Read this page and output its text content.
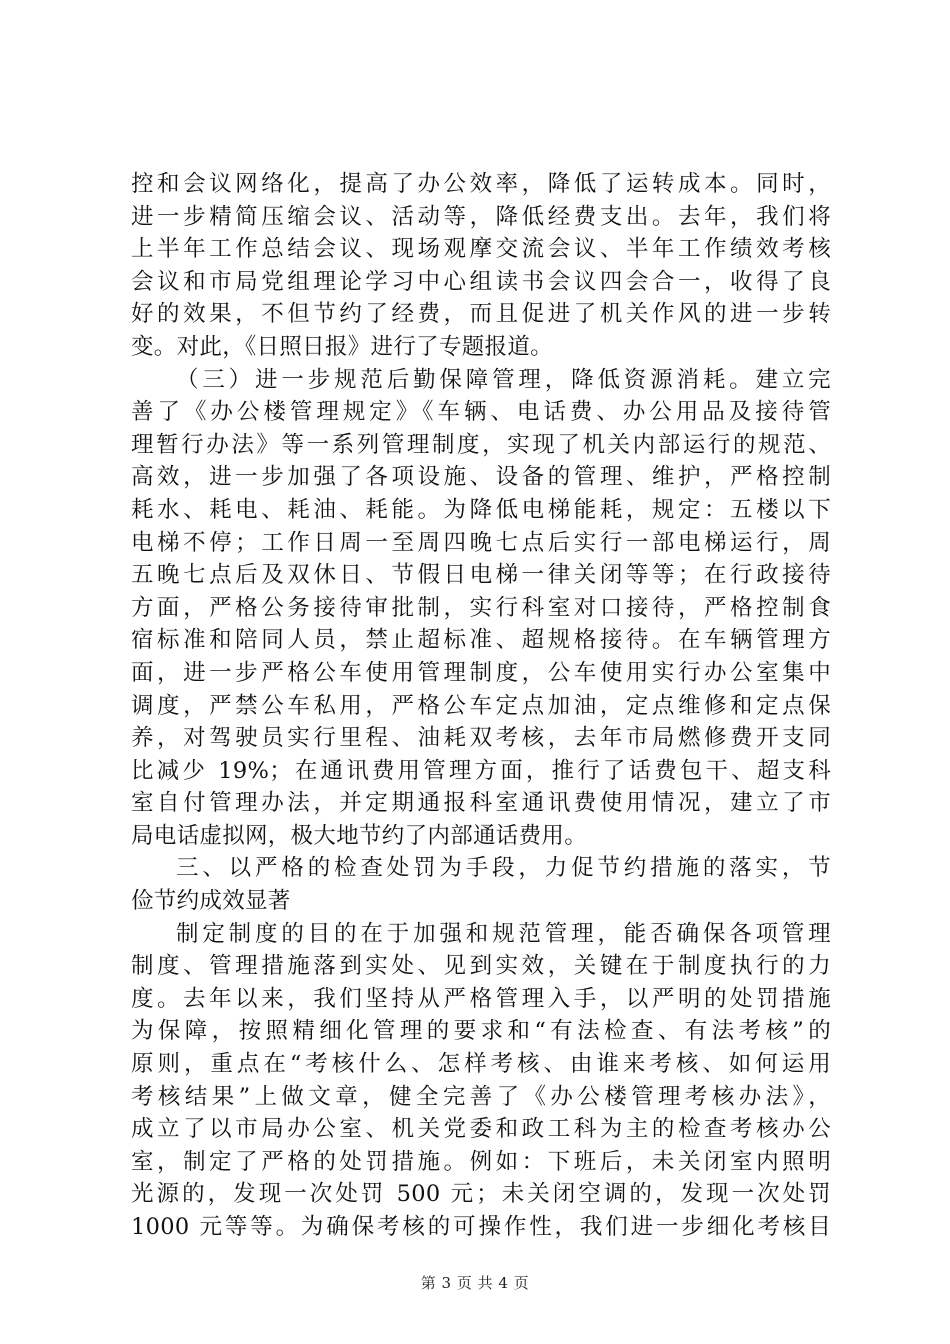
控和会议网络化，提高了办公效率，降低了运转成本。同时，
进一步精简压缩会议、活动等，降低经费支出。去年，我们将
上半年工作总结会议、现场观摩交流会议、半年工作绩效考核
会议和市局党组理论学习中心组读书会议四会合一，收得了良
好的效果，不但节约了经费，而且促进了机关作风的进一步转
变。对此，《日照日报》进行了专题报道。
（三）进一步规范后勤保障管理，降低资源消耗。建立完
善了《办公楼管理规定》《车辆、电话费、办公用品及接待管
理暂行办法》等一系列管理制度，实现了机关内部运行的规范、
高效，进一步加强了各项设施、设备的管理、维护，严格控制
耗水、耗电、耗油、耗能。为降低电梯能耗，规定：五楼以下
电梯不停；工作日周一至周四晚七点后实行一部电梯运行，周
五晚七点后及双休日、节假日电梯一律关闭等等；在行政接待
方面，严格公务接待审批制，实行科室对口接待，严格控制食
宿标准和陪同人员，禁止超标准、超规格接待。在车辆管理方
面，进一步严格公车使用管理制度，公车使用实行办公室集中
调度，严禁公车私用，严格公车定点加油，定点维修和定点保
养，对驾驶员实行里程、油耗双考核，去年市局燃修费开支同
比减少 19%；在通讯费用管理方面，推行了话费包干、超支科
室自付管理办法，并定期通报科室通讯费使用情况，建立了市
局电话虚拟网，极大地节约了内部通话费用。
三、以严格的检查处罚为手段，力促节约措施的落实，节
俭节约成效显著
制定制度的目的在于加强和规范管理，能否确保各项管理
制度、管理措施落到实处、见到实效，关键在于制度执行的力
度。去年以来，我们坚持从严格管理入手，以严明的处罚措施
为保障，按照精细化管理的要求和“有法检查、有法考核”的
原则，重点在“考核什么、怎样考核、由谁来考核、如何运用
考核结果”上做文章，健全完善了《办公楼管理考核办法》，
成立了以市局办公室、机关党委和政工科为主的检查考核办公
室，制定了严格的处罚措施。例如：下班后，未关闭室内照明
光源的，发现一次处罚 500 元；未关闭空调的，发现一次处罚
1000 元等等。为确保考核的可操作性，我们进一步细化考核目
第 3 页 共 4 页
